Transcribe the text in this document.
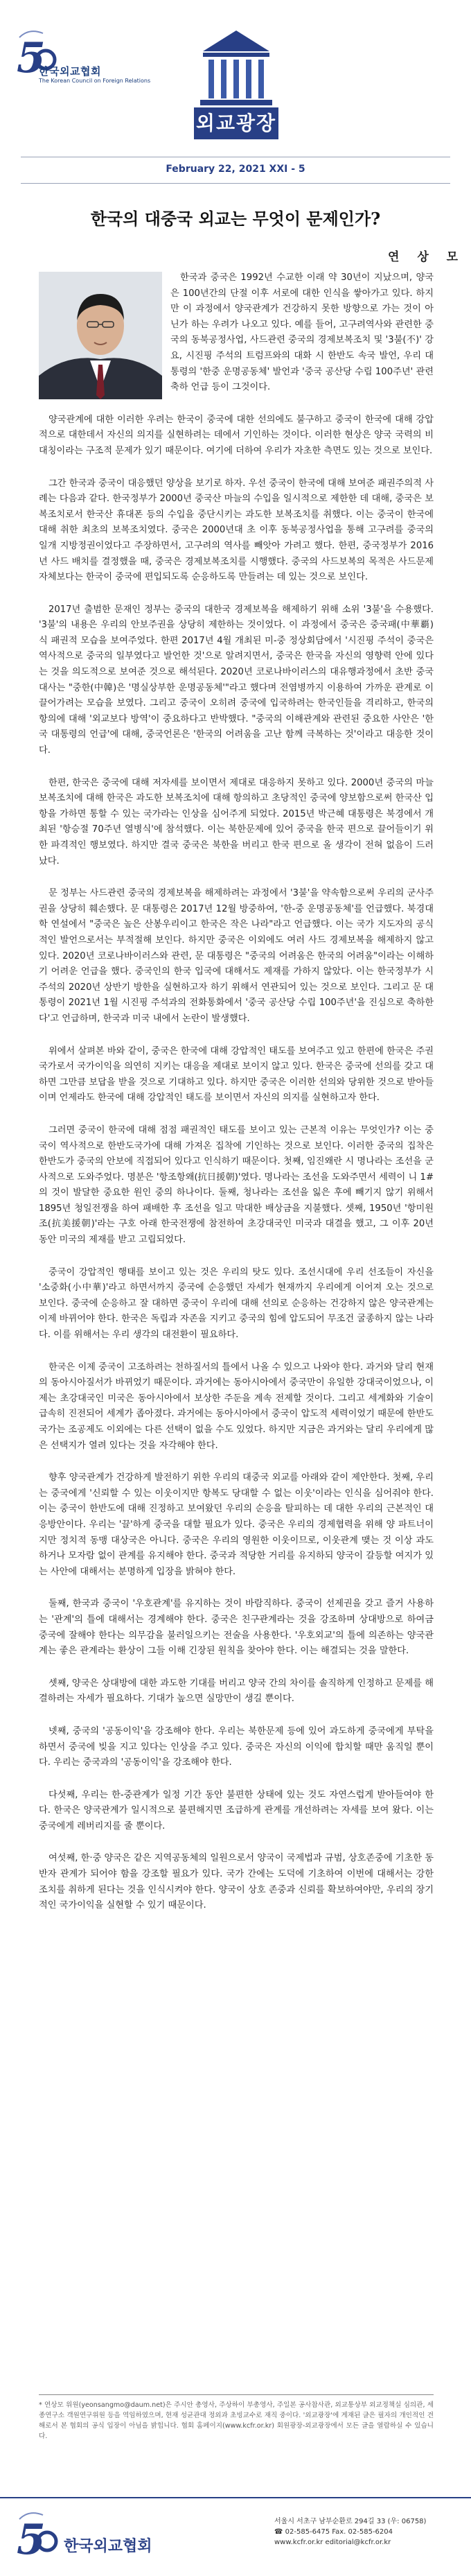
5
한국외교협회
The Korean Council on Foreign Relations
외교광장
February 22, 2021 XXI - 5
한국의 대중국 외교는 무엇이 문제인가?
연 상 모

한국과 중국은 1992년 수교한 이래 약 30년이 지났으며, 양국은 100년간의 단절 이후 서로에 대한 인식을 쌓아가고 있다. 하지만 이 과정에서 양국관계가 건강하지 못한 방향으로 가는 것이 아닌가 하는 우려가 나오고 있다. 예를 들어, 고구려역사와 관련한 중국의 동북공정사업, 사드관련 중국의 경제보복조치 및 '3불(不)' 강요, 시진핑 주석의 트럼프와의 대화 시 한반도 속국 발언, 우리 대통령의 '한중 운명공동체' 발언과 '중국 공산당 수립 100주년' 관련 축하 언급 등이 그것이다.

양국관계에 대한 이러한 우려는 한국이 중국에 대한 선의에도 불구하고 중국이 한국에 대해 강압적으로 대한데서 자신의 의지를 실현하려는 데에서 기인하는 것이다. 이러한 현상은 양국 국력의 비대칭이라는 구조적 문제가 있기 때문이다. 여기에 더하여 우리가 자초한 측면도 있는 것으로 보인다.

그간 한국과 중국이 대응했던 양상을 보기로 하자. 우선 중국이 한국에 대해 보여준 패권주의적 사례는 다음과 같다. 한국정부가 2000년 중국산 마늘의 수입을 일시적으로 제한한 데 대해, 중국은 보복조치로서 한국산 휴대폰 등의 수입을 중단시키는 과도한 보복조치를 취했다. 이는 중국이 한국에 대해 취한 최초의 보복조치였다. 중국은 2000년대 초 이후 동북공정사업을 통해 고구려를 중국의 일개 지방정권이었다고 주장하면서, 고구려의 역사를 빼앗아 가려고 했다. 한편, 중국정부가 2016년 사드 배치를 결정했을 때, 중국은 경제보복조치를 시행했다. 중국의 사드보복의 목적은 사드문제 자체보다는 한국이 중국에 편입되도록 순응하도록 만들려는 데 있는 것으로 보인다.

2017년 출범한 문재인 정부는 중국의 대한국 경제보복을 해제하기 위해 소위 '3불'을 수용했다. '3불'의 내용은 우리의 안보주권을 상당히 제한하는 것이었다. 이 과정에서 중국은 중국패(中華覇)식 패권적 모습을 보여주었다. 한편 2017년 4월 개최된 미-중 정상회담에서 '시진핑 주석이 중국은 역사적으로 중국의 일부였다고 발언한 것'으로 알려지면서, 중국은 한국을 자신의 영향력 안에 있다는 것을 의도적으로 보여준 것으로 해석된다. 2020년 코로나바이러스의 대유행과정에서 초반 중국대사는 "중한(中韓)은 '명실상부한 운명공동체'"라고 했다며 전염병까지 이용하여 가까운 관계로 이끌어가려는 모습을 보였다. 그리고 중국이 오히려 중국에 입국하려는 한국인들을 격리하고, 한국의 항의에 대해 '외교보다 방역'이 중요하다고 반박했다. "중국의 이해관계와 관련된 중요한 사안은 '한국 대통령의 언급'에 대해, 중국언론은 '한국의 어려움을 고난 함께 극복하는 것'이라고 대응한 것이다.

한편, 한국은 중국에 대해 저자세를 보이면서 제대로 대응하지 못하고 있다. 2000년 중국의 마늘 보복조치에 대해 한국은 과도한 보복조치에 대해 항의하고 초당적인 중국에 양보함으로써 한국산 입항을 가하면 통할 수 있는 국가라는 인상을 심어주게 되었다. 2015년 박근혜 대통령은 북경에서 개최된 '항승절 70주년 열병식'에 참석했다. 이는 북한문제에 있어 중국을 한국 편으로 끌어들이기 위한 파격적인 행보였다. 하지만 결국 중국은 북한을 버리고 한국 편으로 올 생각이 전혀 없음이 드러났다.

문 정부는 사드관련 중국의 경제보복을 해제하려는 과정에서 '3불'을 약속함으로써 우리의 군사주권을 상당히 훼손했다. 문 대통령은 2017년 12월 방중하여, '한-중 운명공동체'를 언급했다. 북경대학 연설에서 "중국은 높은 산봉우리이고 한국은 작은 나라"라고 언급했다. 이는 국가 지도자의 공식적인 발언으로서는 부적절해 보인다. 하지만 중국은 이외에도 여러 사드 경제보복을 해제하지 않고 있다. 2020년 코로나바이러스와 관련, 문 대통령은 "중국의 어려움은 한국의 어려움"이라는 이해하기 어려운 언급을 했다. 중국인의 한국 입국에 대해서도 제재를 가하지 않았다. 이는 한국정부가 시 주석의 2020년 상반기 방한을 실현하고자 하기 위해서 연관되어 있는 것으로 보인다. 그리고 문 대통령이 2021년 1월 시진핑 주석과의 전화통화에서 '중국 공산당 수립 100주년'을 진심으로 축하한다'고 언급하며, 한국과 미국 내에서 논란이 발생했다.

위에서 살펴본 바와 같이, 중국은 한국에 대해 강압적인 태도를 보여주고 있고 한편에 한국은 주권국가로서 국가이익을 의연히 지키는 대응을 제대로 보이지 않고 있다. 한국은 중국에 선의를 갖고 대하면 그만큼 보답을 받을 것으로 기대하고 있다. 하지만 중국은 이러한 선의와 당위한 것으로 받아들이며 언제라도 한국에 대해 강압적인 태도를 보이면서 자신의 의지를 실현하고자 한다.

그러면 중국이 한국에 대해 점점 패권적인 태도를 보이고 있는 근본적 이유는 무엇인가? 이는 중국이 역사적으로 한반도국가에 대해 가져온 집착에 기인하는 것으로 보인다. 이러한 중국의 집착은 한반도가 중국의 안보에 직접되어 있다고 인식하기 때문이다. 첫째, 임진왜란 시 명나라는 조선을 군사적으로 도와주었다. 명분은 '항조항왜(抗日援朝)'였다. 명나라는 조선을 도와주면서 세력이 니 1#의 것이 발달한 중요한 원인 중의 하나이다. 둘째, 청나라는 조선을 잃은 후에 빼기지 않기 위해서 1895년 청일전쟁을 하여 패배한 후 조선을 일고 막대한 배상금을 지불했다. 셋째, 1950년 '항미원조(抗美援朝)'라는 구호 아래 한국전쟁에 참전하여 초강대국인 미국과 대결을 했고, 그 이후 20년 동안 미국의 제재를 받고 고립되었다.

중국이 강압적인 행태를 보이고 있는 것은 우리의 탓도 있다. 조선시대에 우리 선조들이 자신을 '소중화(小中華)'라고 하면서까지 중국에 순응했던 자세가 현재까지 우리에게 이어져 오는 것으로 보인다. 중국에 순응하고 잘 대하면 중국이 우리에 대해 선의로 순응하는 건강하지 않은 양국관계는 이제 바뀌어야 한다. 한국은 독립과 자존을 지키고 중국의 힘에 압도되어 무조건 굴종하지 않는 나라다. 이를 위해서는 우리 생각의 대전환이 필요하다.

한국은 이제 중국이 고조하려는 천하질서의 틀에서 나올 수 있으고 나와야 한다. 과거와 달리 현재의 동아시아질서가 바뀌었기 때문이다. 과거에는 동아시아에서 중국만이 유일한 강대국이었으나, 이제는 초강대국인 미국은 동아시아에서 보상한 주둔을 계속 전제할 것이다. 그리고 세계화와 기술이 급속히 진전되어 세계가 좁아졌다. 과거에는 동아시아에서 중국이 압도적 세력이었기 때문에 한반도국가는 조공제도 이외에는 다른 선택이 없을 수도 있었다. 하지만 지금은 과거와는 달리 우리에게 많은 선택지가 열려 있다는 것을 자각해야 한다.

향후 양국관계가 건강하게 발전하기 위한 우리의 대중국 외교를 아래와 같이 제안한다. 첫째, 우리는 중국에게 '신뢰할 수 있는 이웃이지만 항복도 당대할 수 없는 이웃'이라는 인식을 심어줘야 한다. 이는 중국이 한반도에 대해 진정하고 보여왔던 우리의 순응을 탈피하는 데 대한 우리의 근본적인 대응방안이다. 우리는 '끌'하게 중국을 대할 필요가 있다. 중국은 우리의 경제협력을 위해 양 파트너이지만 정치적 동맹 대상국은 아니다. 중국은 우리의 영원한 이웃이므로, 이웃관계 맺는 것 이상 과도하거나 모자람 없이 관계를 유지해야 한다. 중국과 적당한 거리를 유지하되 양국이 갈등할 여지가 있는 사안에 대해서는 분명하게 입장을 밝혀야 한다.

둘째, 한국과 중국이 '우호관계'를 유지하는 것이 바람직하다. 중국이 선제권을 갖고 즐거 사용하는 '관계'의 틀에 대해서는 경계해야 한다. 중국은 친구관계라는 것을 강조하며 상대방으로 하여금 중국에 잘해야 한다는 의무감을 불러일으키는 전술을 사용한다. '우호외교'의 틀에 의존하는 양국관계는 좋은 관계라는 환상이 그들 이해 긴장된 원칙을 찾아야 한다. 이는 해결되는 것을 말한다.

셋째, 양국은 상대방에 대한 과도한 기대를 버리고 양국 간의 차이를 솔직하게 인정하고 문제를 해결하려는 자세가 필요하다. 기대가 높으면 실망만이 생길 뿐이다.

넷째, 중국의 '공동이익'을 강조해야 한다. 우리는 북한문제 등에 있어 과도하게 중국에게 부탁을 하면서 중국에 빚을 지고 있다는 인상을 주고 있다. 중국은 자신의 이익에 합치할 때만 움직일 뿐이다. 우리는 중국과의 '공동이익'을 강조해야 한다.

다섯째, 우리는 한-중관계가 일정 기간 동안 불편한 상태에 있는 것도 자연스럽게 받아들여야 한다. 한국은 양국관계가 일시적으로 불편해지면 조급하게 관계를 개선하려는 자세를 보여 왔다. 이는 중국에게 레버리지를 줄 뿐이다.

여섯째, 한·중 양국은 같은 지역공동체의 일원으로서 양국이 국제법과 규범, 상호존중에 기초한 동반자 관계가 되어야 함을 강조할 필요가 있다. 국가 간에는 도덕에 기초하여 이번에 대해서는 강한 조치를 취하게 된다는 것을 인식시켜야 한다. 양국이 상호 존중과 신뢰를 확보하여야만, 우리의 장기적인 국가이익을 실현할 수 있기 때문이다.

* 연상모 위원(yeonsangmo@daum.net)은 주시안 총영사, 주상하이 부총영사, 주일본 공사참사관, 외교통상부 외교정책실 심의관, 세종연구소 객원연구위원 등을 역임하였으며, 현재 성균관대 정외과 초빙교수로 재직 중이다. '외교광장'에 게재된 글은 필자의 개인적인 견해로서 본 협회의 공식 입장이 아님을 밝힙니다. 협회 홈페이지(www.kcfr.or.kr) 회원광장-외교광장에서 모든 글을 열람하실 수 있습니다.
5 한국외교협회
서울시 서초구 남부순환로 294길 33 (우: 06758)
☎ 02-585-6475 Fax. 02-585-6204
www.kcfr.or.kr editorial@kcfr.or.kr
